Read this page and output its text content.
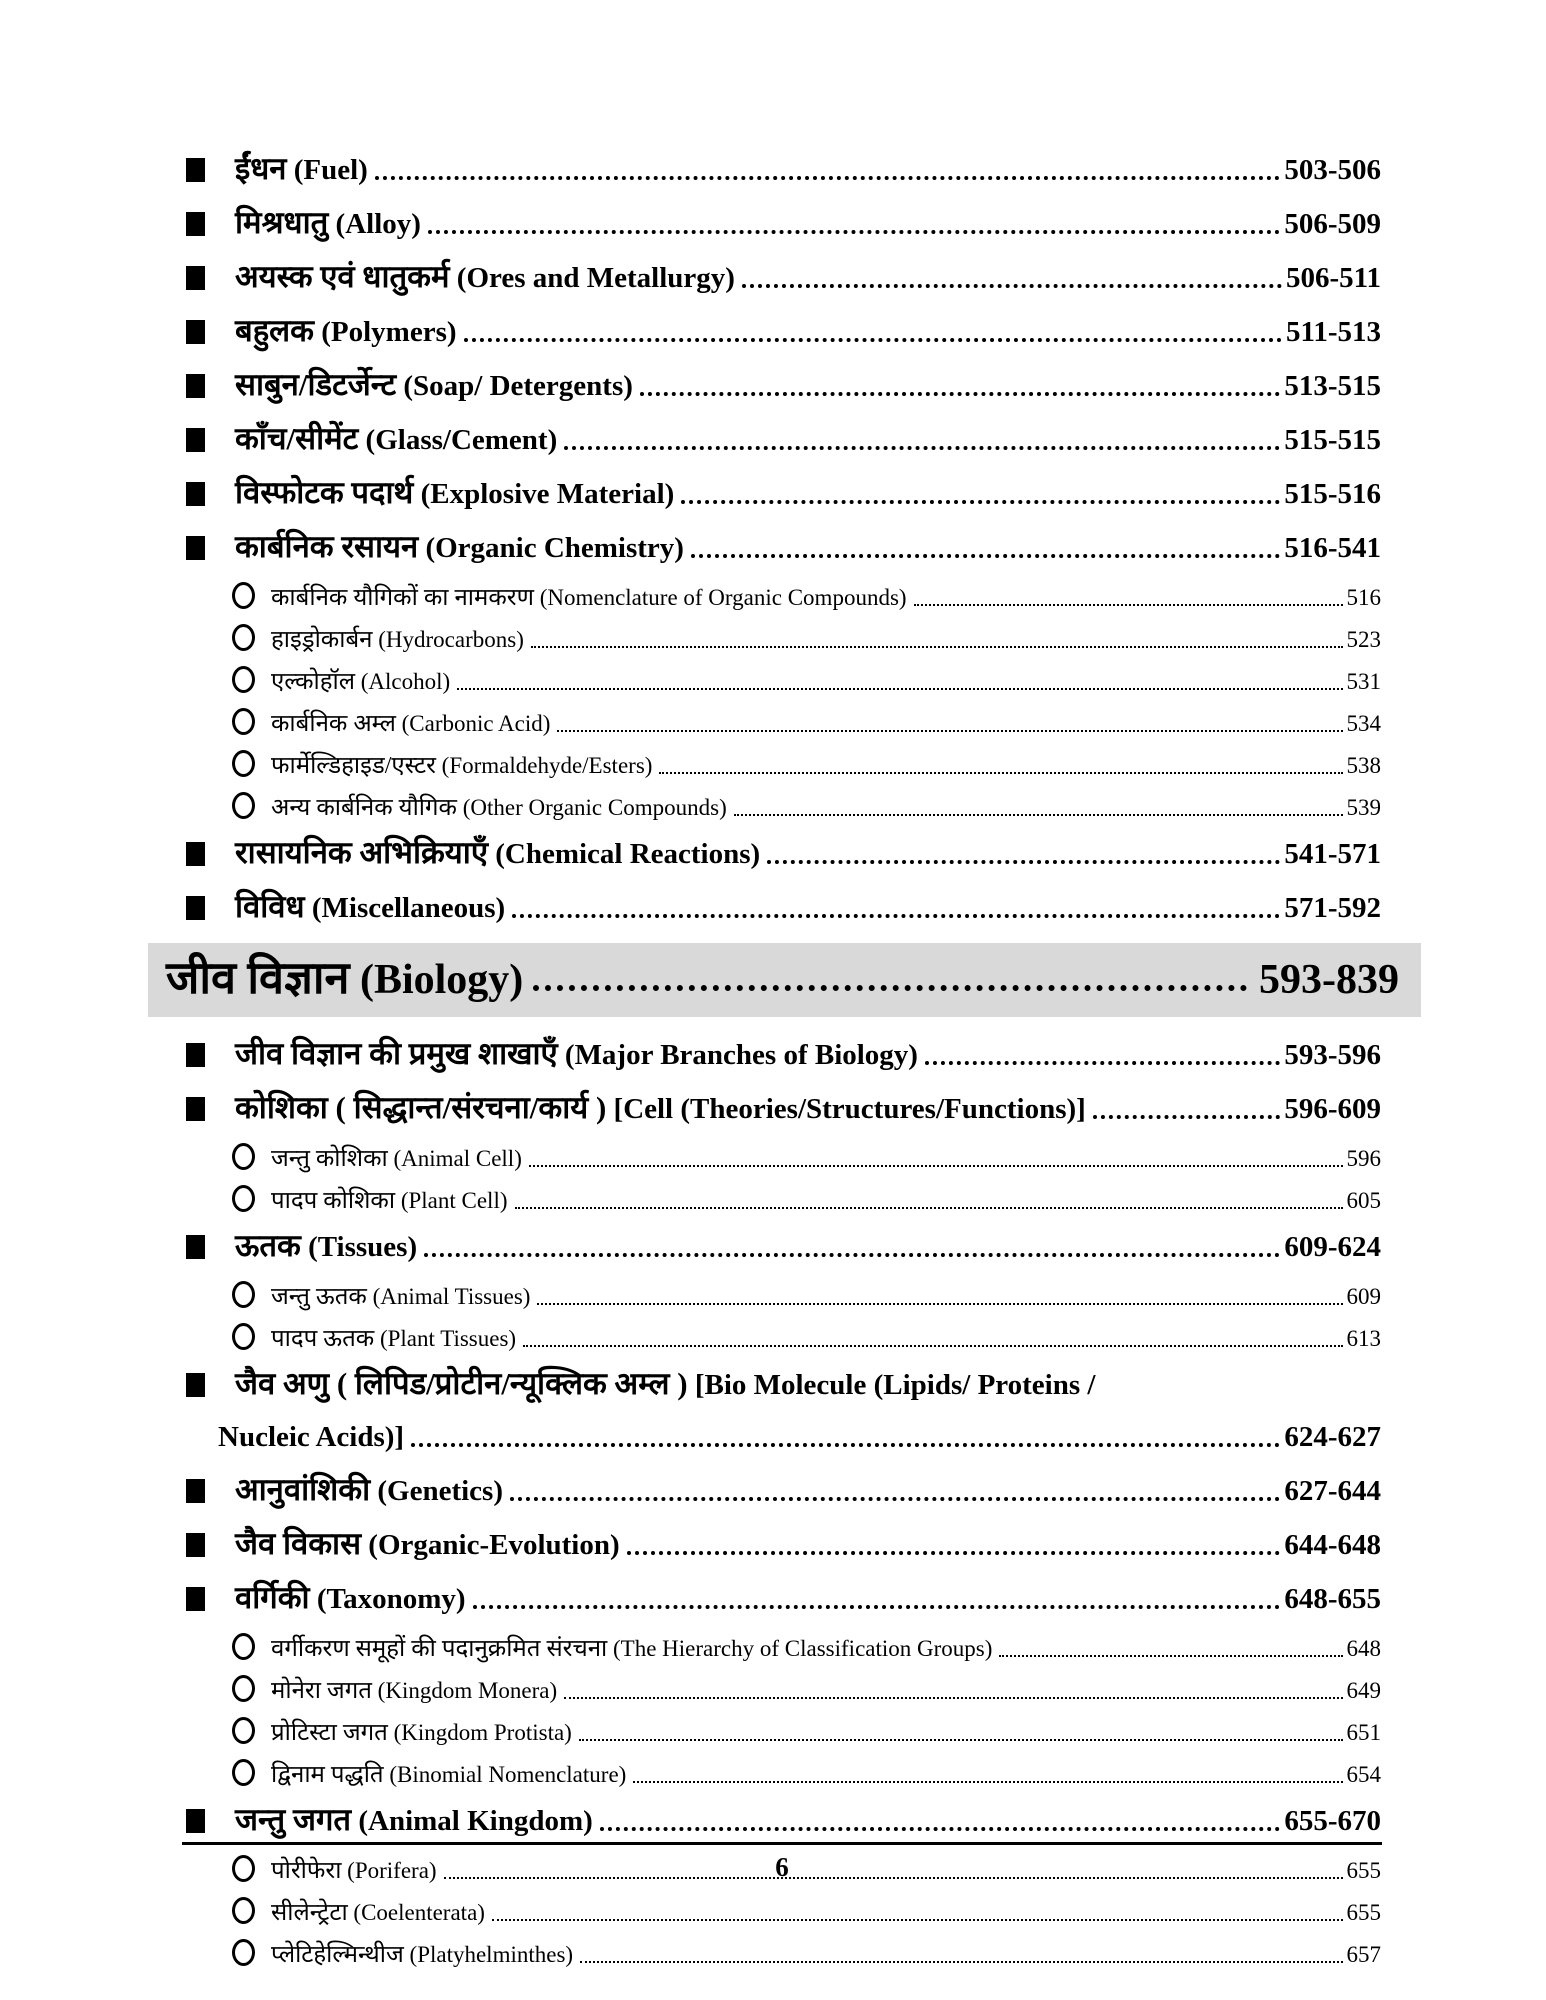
ईंधन (Fuel)	503-506
मिश्रधातु (Alloy)	506-509
अयस्क एवं धातुकर्म (Ores and Metallurgy)	506-511
बहुलक (Polymers)	511-513
साबुन/डिटर्जेन्ट (Soap/ Detergents)	513-515
काँच/सीमेंट (Glass/Cement)	515-515
विस्फोटक पदार्थ (Explosive Material)	515-516
कार्बनिक रसायन (Organic Chemistry)	516-541
कार्बनिक यौगिकों का नामकरण (Nomenclature of Organic Compounds)	516
हाइड्रोकार्बन (Hydrocarbons)	523
एल्कोहॉल (Alcohol)	531
कार्बनिक अम्ल (Carbonic Acid)	534
फार्मेल्डिहाइड/एस्टर (Formaldehyde/Esters)	538
अन्य कार्बनिक यौगिक (Other Organic Compounds)	539
रासायनिक अभिक्रियाएँ (Chemical Reactions)	541-571
विविध (Miscellaneous)	571-592
जीव विज्ञान (Biology)	593-839
जीव विज्ञान की प्रमुख शाखाएँ (Major Branches of Biology)	593-596
कोशिका ( सिद्धान्त/संरचना/कार्य ) [Cell (Theories/Structures/Functions)]	596-609
जन्तु कोशिका (Animal Cell)	596
पादप कोशिका (Plant Cell)	605
ऊतक (Tissues)	609-624
जन्तु ऊतक (Animal Tissues)	609
पादप ऊतक (Plant Tissues)	613
जैव अणु ( लिपिड/प्रोटीन/न्यूक्लिक अम्ल ) [Bio Molecule (Lipids/ Proteins /
Nucleic Acids)]	624-627
आनुवांशिकी (Genetics)	627-644
जैव विकास (Organic-Evolution)	644-648
वर्गिकी (Taxonomy)	648-655
वर्गीकरण समूहों की पदानुक्रमित संरचना (The Hierarchy of Classification Groups)	648
मोनेरा जगत (Kingdom Monera)	649
प्रोटिस्टा जगत (Kingdom Protista)	651
द्विनाम पद्धति (Binomial Nomenclature)	654
जन्तु जगत (Animal Kingdom)	655-670
पोरीफेरा (Porifera)	655
सीलेन्ट्रेटा (Coelenterata)	655
प्लेटिहेल्मिन्थीज (Platyhelminthes)	657
6
